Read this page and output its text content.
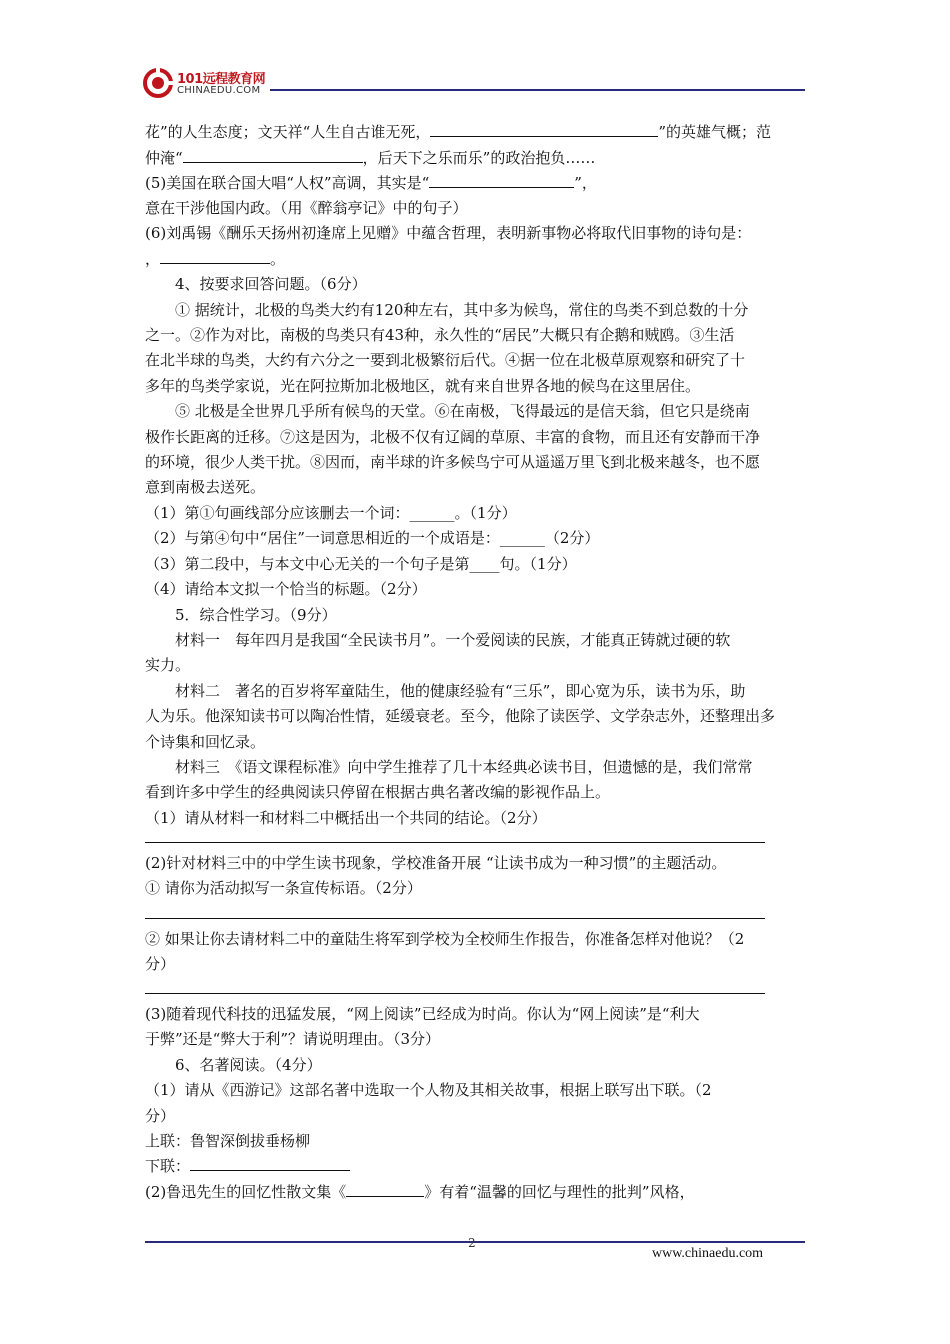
101远程教育网
CHINAEDU.COM
花”的人生态度；文天祥“人生自古谁无死，	”的英雄气概；范
仲淹“	，后天下之乐而乐”的政治抱负……
(5)美国在联合国大唱“人权”高调，其实是“	”，
意在干涉他国内政。（用《醉翁亭记》中的句子）
(6)刘禹锡《酬乐天扬州初逢席上见赠》中蕴含哲理，表明新事物必将取代旧事物的诗句是：
，	。
4、按要求回答问题。（6分）
① 据统计，北极的鸟类大约有120种左右，其中多为候鸟，常住的鸟类不到总数的十分
之一。②作为对比，南极的鸟类只有43种，永久性的“居民”大概只有企鹅和贼鸥。③生活
在北半球的鸟类，大约有六分之一要到北极繁衍后代。④据一位在北极草原观察和研究了十
多年的鸟类学家说，光在阿拉斯加北极地区，就有来自世界各地的候鸟在这里居住。
⑤ 北极是全世界几乎所有候鸟的天堂。⑥在南极，飞得最远的是信天翁，但它只是绕南
极作长距离的迁移。⑦这是因为，北极不仅有辽阔的草原、丰富的食物，而且还有安静而干净
的环境，很少人类干扰。⑧因而，南半球的许多候鸟宁可从遥遥万里飞到北极来越冬，也不愿
意到南极去送死。
（1）第①句画线部分应该删去一个词：______。（1分）
（2）与第④句中“居住”一词意思相近的一个成语是：______（2分）
（3）第二段中，与本文中心无关的一个句子是第____句。（1分）
（4）请给本文拟一个恰当的标题。（2分）
5．综合性学习。（9分）
材料一　每年四月是我国“全民读书月”。一个爱阅读的民族，才能真正铸就过硬的软
实力。
材料二　著名的百岁将军童陆生，他的健康经验有“三乐”，即心宽为乐，读书为乐，助
人为乐。他深知读书可以陶冶性情，延缓衰老。至今，他除了读医学、文学杂志外，还整理出多
个诗集和回忆录。
材料三　《语文课程标准》向中学生推荐了几十本经典必读书目，但遗憾的是，我们常常
看到许多中学生的经典阅读只停留在根据古典名著改编的影视作品上。
（1）请从材料一和材料二中概括出一个共同的结论。（2分）
(2)针对材料三中的中学生读书现象，学校准备开展 “让读书成为一种习惯”的主题活动。
① 请你为活动拟写一条宣传标语。（2分）
② 如果让你去请材料二中的童陆生将军到学校为全校师生作报告，你准备怎样对他说？（2
分）
(3)随着现代科技的迅猛发展，“网上阅读”已经成为时尚。你认为“网上阅读”是“利大
于弊”还是“弊大于利”？请说明理由。（3分）
6、名著阅读。（4分）
（1）请从《西游记》这部名著中选取一个人物及其相关故事，根据上联写出下联。（2
分）
上联：鲁智深倒拔垂杨柳
下联：
(2)鲁迅先生的回忆性散文集《	》有着“温馨的回忆与理性的批判”风格，
2
www.chinaedu.com
